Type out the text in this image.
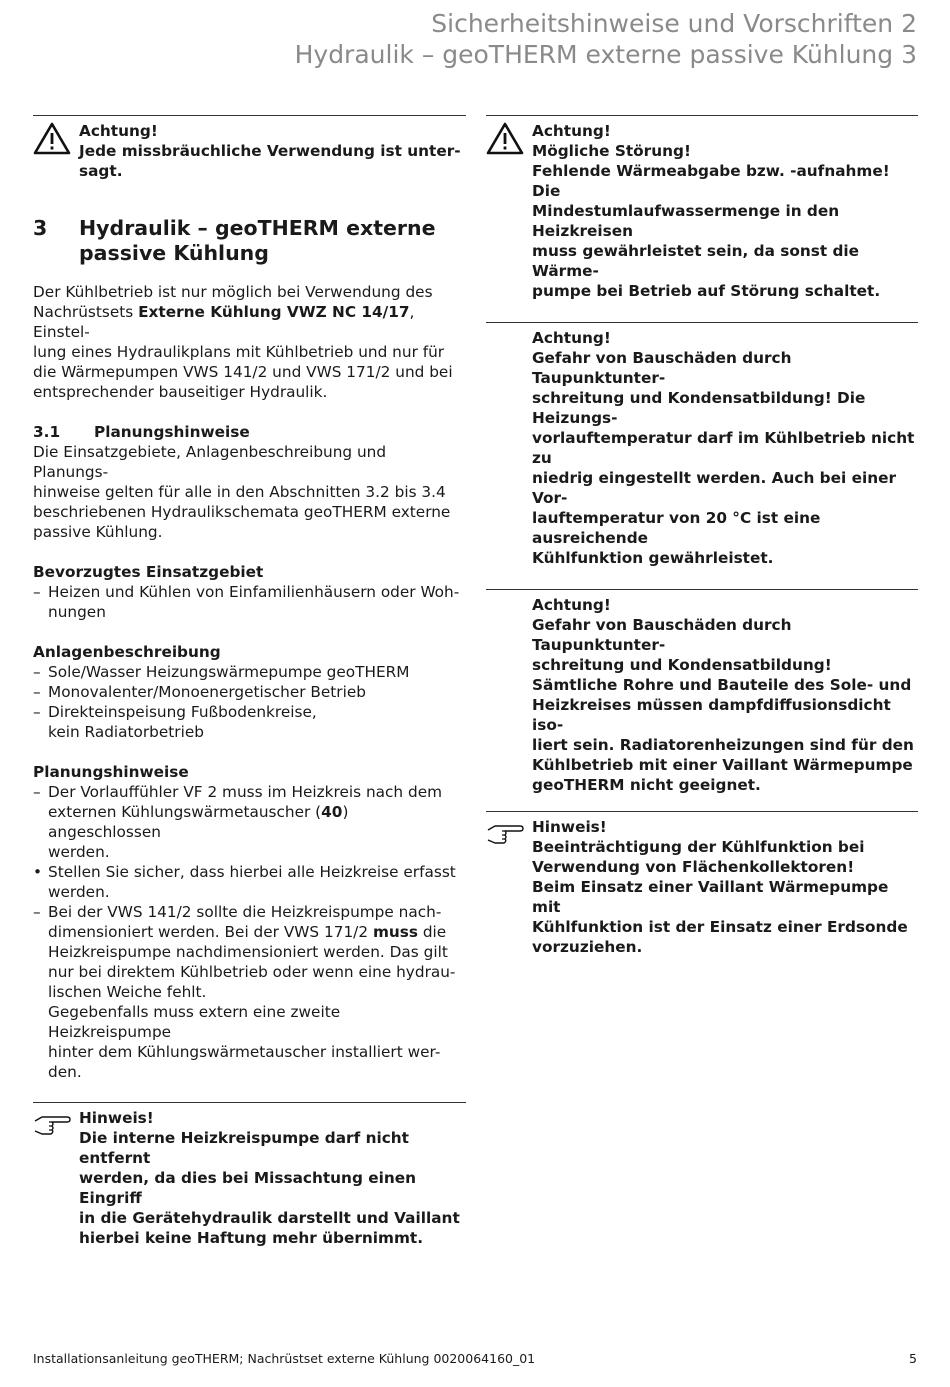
Sicherheitshinweise und Vorschriften 2
Hydraulik – geoTHERM externe passive Kühlung 3

Achtung!

Jede missbräuchliche Verwendung ist unter-
sagt.

3	Hydraulik – geoTHERM externe
passive Kühlung

Der Kühlbetrieb ist nur möglich bei Verwendung des
Nachrüstsets Externe Kühlung VWZ NC 14/17, Einstel-
lung eines Hydraulikplans mit Kühlbetrieb und nur für
die Wärmepumpen VWS 141/2 und VWS 171/2 und bei
entsprechender bauseitiger Hydraulik.

3.1	Planungshinweise

Die Einsatzgebiete, Anlagenbeschreibung und Planungs-
hinweise gelten für alle in den Abschnitten 3.2 bis 3.4
beschriebenen Hydraulikschemata geoTHERM externe
passive Kühlung.

Bevorzugtes Einsatzgebiet

– Heizen und Kühlen von Einfamilienhäusern oder Woh-
nungen

Anlagenbeschreibung

– Sole/Wasser Heizungswärmepumpe geoTHERM
– Monovalenter/Monoenergetischer Betrieb
– Direkteinspeisung Fußbodenkreise,
kein Radiatorbetrieb

Planungshinweise

– Der Vorlauffühler VF 2 muss im Heizkreis nach dem
externen Kühlungswärmetauscher (40) angeschlossen
werden.
• Stellen Sie sicher, dass hierbei alle Heizkreise erfasst
werden.
– Bei der VWS 141/2 sollte die Heizkreispumpe nach-
dimensioniert werden. Bei der VWS 171/2 muss die
Heizkreispumpe nachdimensioniert werden. Das gilt
nur bei direktem Kühlbetrieb oder wenn eine hydrau-
lischen Weiche fehlt.
Gegebenfalls muss extern eine zweite Heizkreispumpe
hinter dem Kühlungswärmetauscher installiert wer-
den.

Hinweis!

Die interne Heizkreispumpe darf nicht entfernt
werden, da dies bei Missachtung einen Eingriff
in die Gerätehydraulik darstellt und Vaillant
hierbei keine Haftung mehr übernimmt.

Achtung!

Mögliche Störung!
Fehlende Wärmeabgabe bzw. -aufnahme! Die
Mindestumlaufwassermenge in den Heizkreisen
muss gewährleistet sein, da sonst die Wärme-
pumpe bei Betrieb auf Störung schaltet.

Achtung!

Gefahr von Bauschäden durch Taupunktunter-
schreitung und Kondensatbildung! Die Heizungs-
vorlauftemperatur darf im Kühlbetrieb nicht zu
niedrig eingestellt werden. Auch bei einer Vor-
lauftemperatur von 20 °C ist eine ausreichende
Kühlfunktion gewährleistet.

Achtung!

Gefahr von Bauschäden durch Taupunktunter-
schreitung und Kondensatbildung!
Sämtliche Rohre und Bauteile des Sole- und
Heizkreises müssen dampfdiffusionsdicht iso-
liert sein. Radiatorenheizungen sind für den
Kühlbetrieb mit einer Vaillant Wärmepumpe
geoTHERM nicht geeignet.

Hinweis!

Beeinträchtigung der Kühlfunktion bei
Verwendung von Flächenkollektoren!
Beim Einsatz einer Vaillant Wärmepumpe mit
Kühlfunktion ist der Einsatz einer Erdsonde
vorzuziehen.

Installationsanleitung geoTHERM; Nachrüstset externe Kühlung 0020064160_01	5
